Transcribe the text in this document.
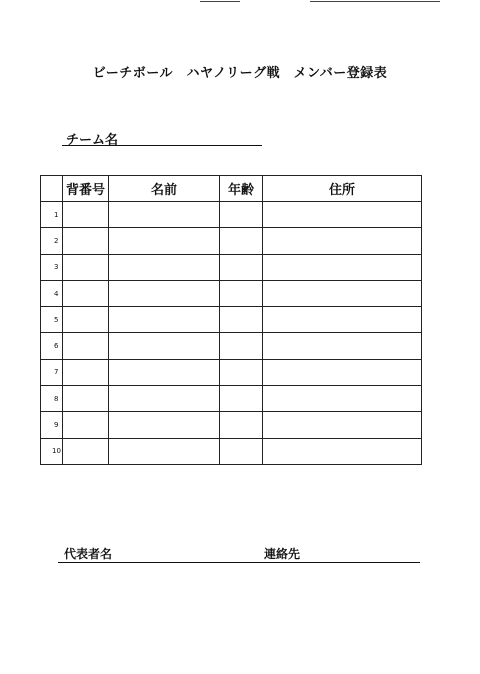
ビーチボール　ハヤノリーグ戦　メンバー登録表
チーム名
	背番号	名前	年齢	住所
1				
2				
3				
4				
5				
6				
7				
8				
9				
10				
代表者名	連絡先
